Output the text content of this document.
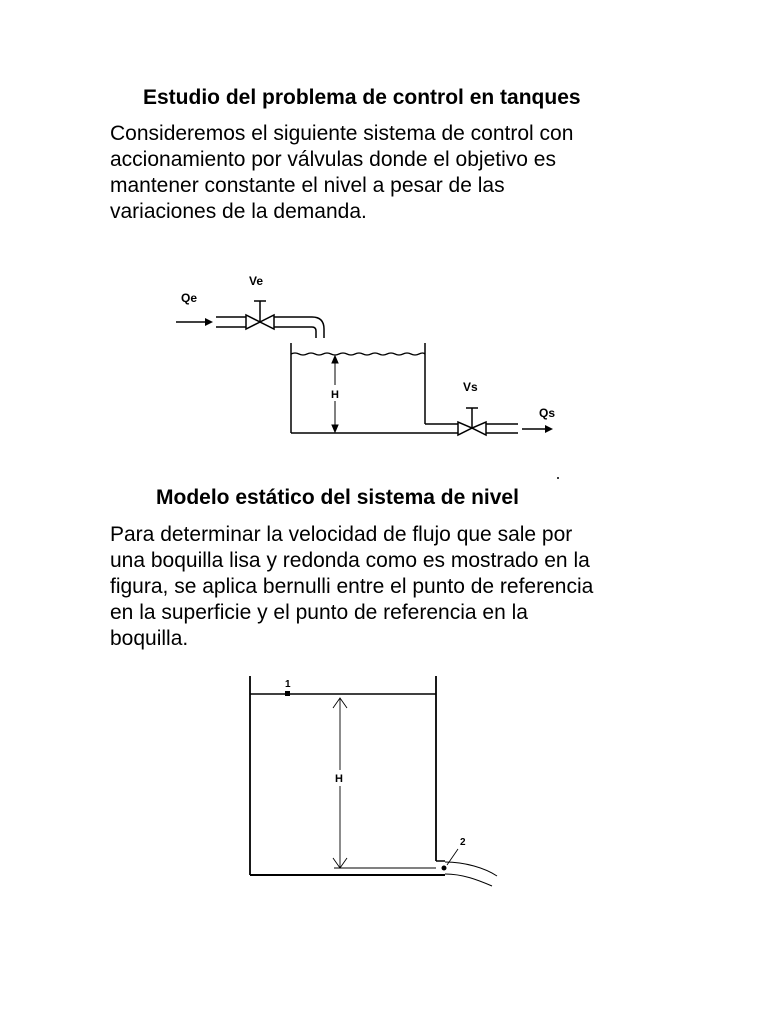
Estudio del problema de control en tanques

Consideremos el siguiente sistema de control con

accionamiento por válvulas donde el objetivo es

mantener constante el nivel a pesar de las

variaciones de la demanda.

Qe
Ve
H
Vs
Qs
Modelo estático del sistema de nivel

Para determinar la velocidad de flujo que sale por

una boquilla lisa y redonda como es mostrado en la

figura, se aplica bernulli entre el punto de referencia

en la superficie y el punto de referencia en la

boquilla.

1
H
2
